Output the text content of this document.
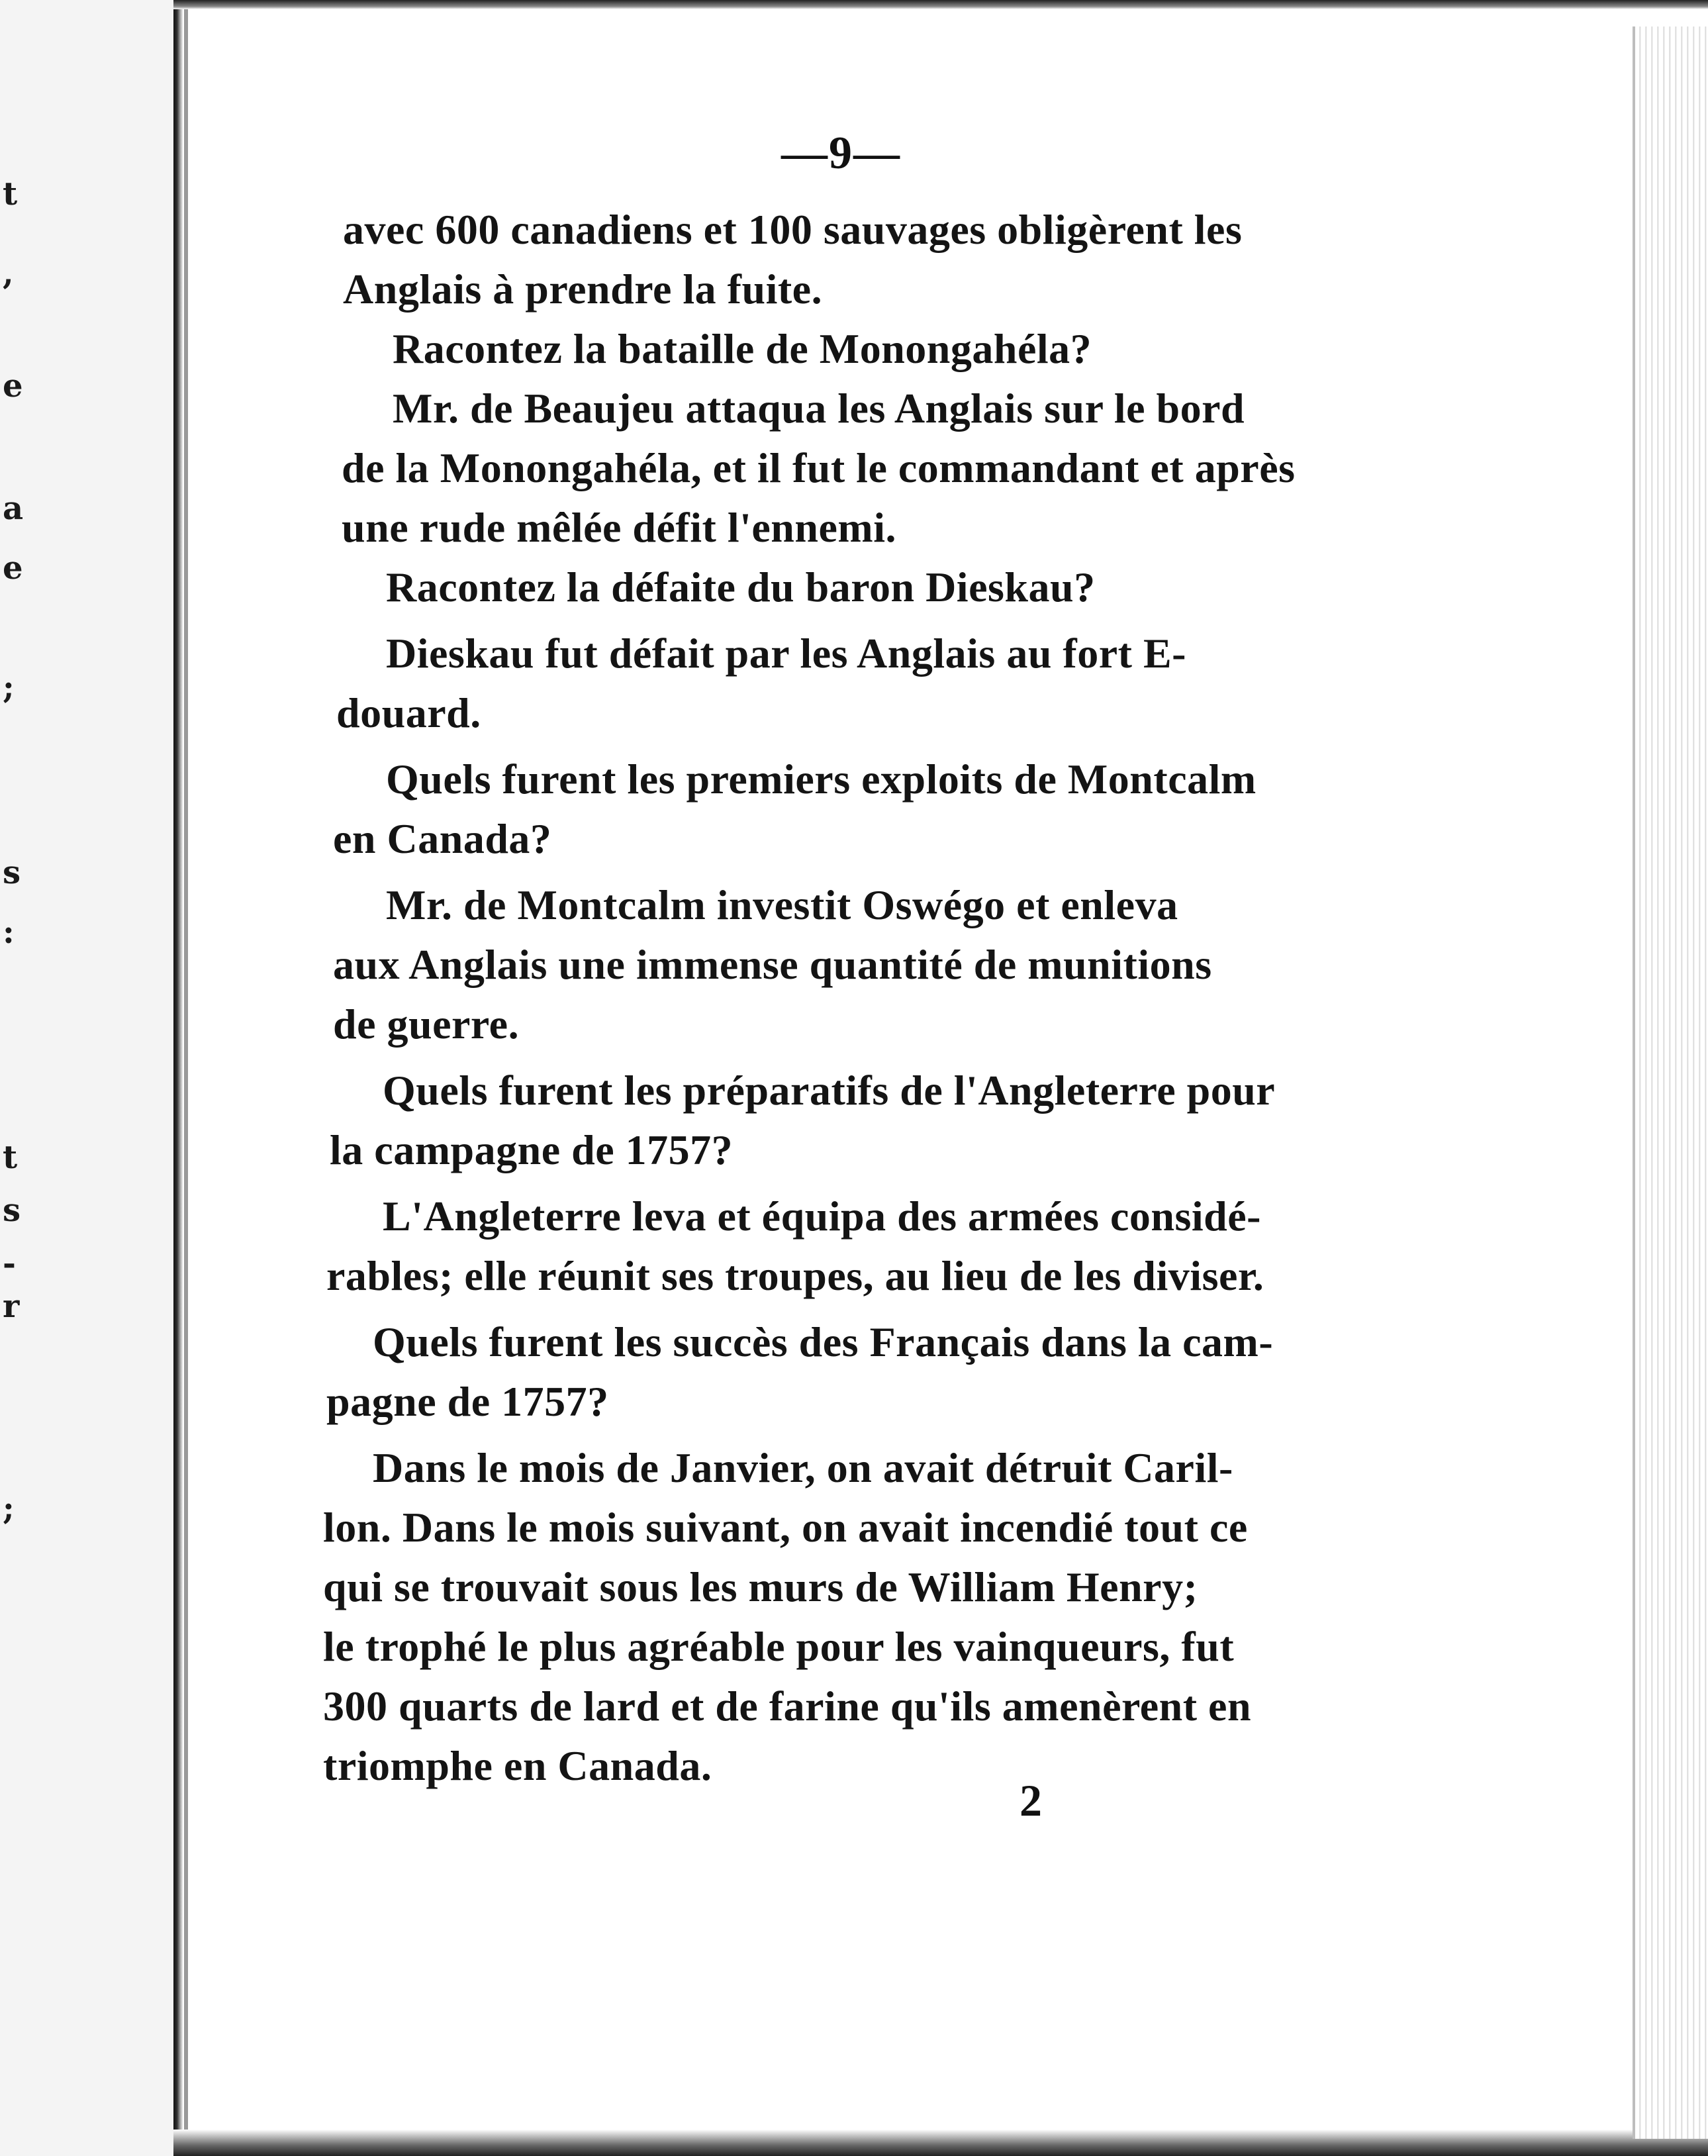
t
,
e
a
e
;
s
:
t
s
-
r
;
—9—
avec 600 canadiens et 100 sauvages obligèrent les
Anglais à prendre la fuite.
Racontez la bataille de Monongahéla?
Mr. de Beaujeu attaqua les Anglais sur le bord
de la Monongahéla, et il fut le commandant et après
une rude mêlée défit l'ennemi.
Racontez la défaite du baron Dieskau?
Dieskau fut défait par les Anglais au fort E-
douard.
Quels furent les premiers exploits de Montcalm
en Canada?
Mr. de Montcalm investit Oswégo et enleva
aux Anglais une immense quantité de munitions
de guerre.
Quels furent les préparatifs de l'Angleterre pour
la campagne de 1757?
L'Angleterre leva et équipa des armées considé-
rables; elle réunit ses troupes, au lieu de les diviser.
Quels furent les succès des Français dans la cam-
pagne de 1757?
Dans le mois de Janvier, on avait détruit Caril-
lon. Dans le mois suivant, on avait incendié tout ce
qui se trouvait sous les murs de William Henry;
le trophé le plus agréable pour les vainqueurs, fut
300 quarts de lard et de farine qu'ils amenèrent en
triomphe en Canada.
2
